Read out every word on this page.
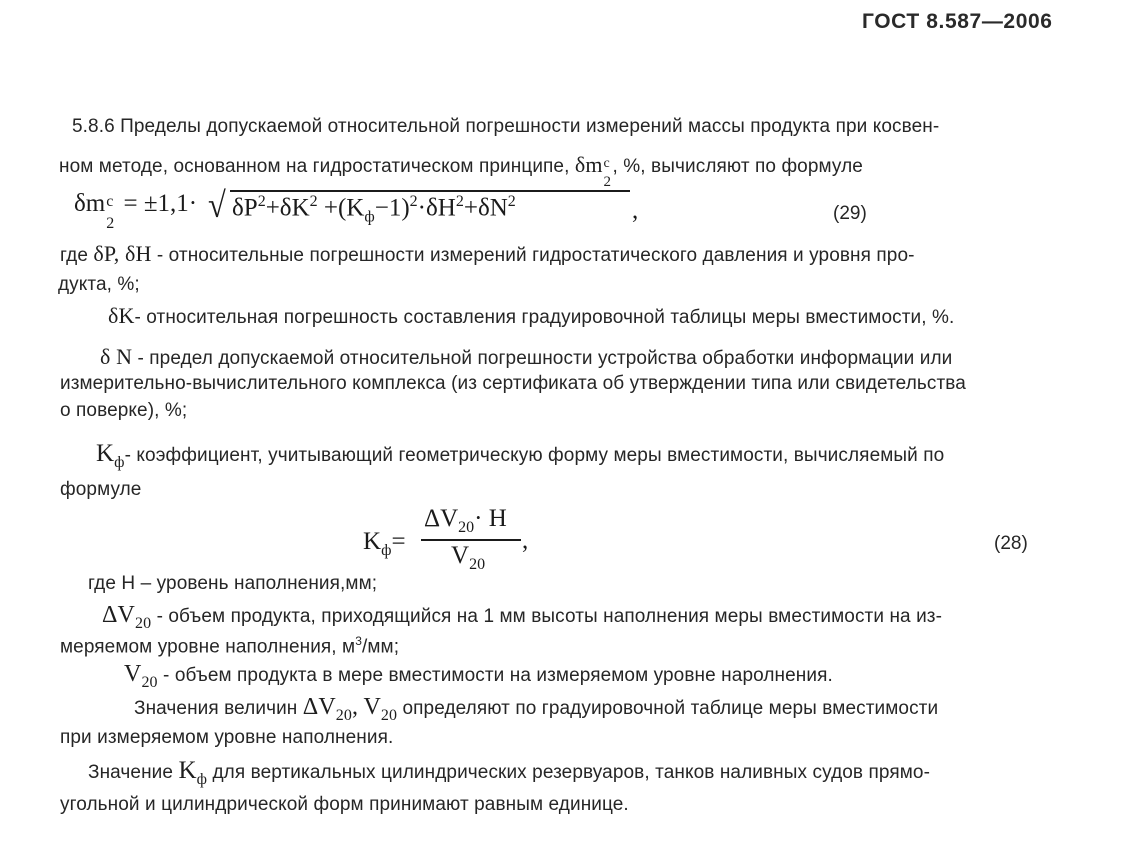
ГОСТ 8.587—2006
5.8.6 Пределы допускаемой относительной погрешности измерений массы продукта при косвен-
ном методе, основанном на гидростатическом принципе, δm c
2
, %, вычисляют по формуле
δm c
2
= ±1,1· √ $\delta P^2+\delta K^2 +(K_ф-1)^2\cdot\delta H^2+\delta N^2$	,	(29)
где δP, δH - относительные погрешности измерений гидростатического давления и уровня про-
дукта, %;
δK- относительная погрешность составления градуировочной таблицы меры вместимости, %.
δ N - предел допускаемой относительной погрешности устройства обработки информации или
измерительно-вычислительного комплекса (из сертификата об утверждении типа или свидетельства
о поверке), %;
$K_ф-$ коэффициент, учитывающий геометрическую форму меры вместимости, вычисляемый по
формуле
$K_ф=$
$\Delta V_{20}\cdot H$
$V_{20}$
,	(28)
где Н – уровень наполнения,мм;
$\Delta V_{20}$ - объем продукта, приходящийся на 1 мм высоты наполнения меры вместимости на из-
меряемом уровне наполнения, $м^3/мм$;
$V_{20}$ - объем продукта в мере вместимости на измеряемом уровне наролнения.
Значения величин $\Delta V_{20}$, $V_{20}$ определяют по градуировочной таблице меры вместимости
при измеряемом уровне наполнения.
Значение $K_ф$ для вертикальных цилиндрических резервуаров, танков наливных судов прямо-
угольной и цилиндрической форм принимают равным единице.
